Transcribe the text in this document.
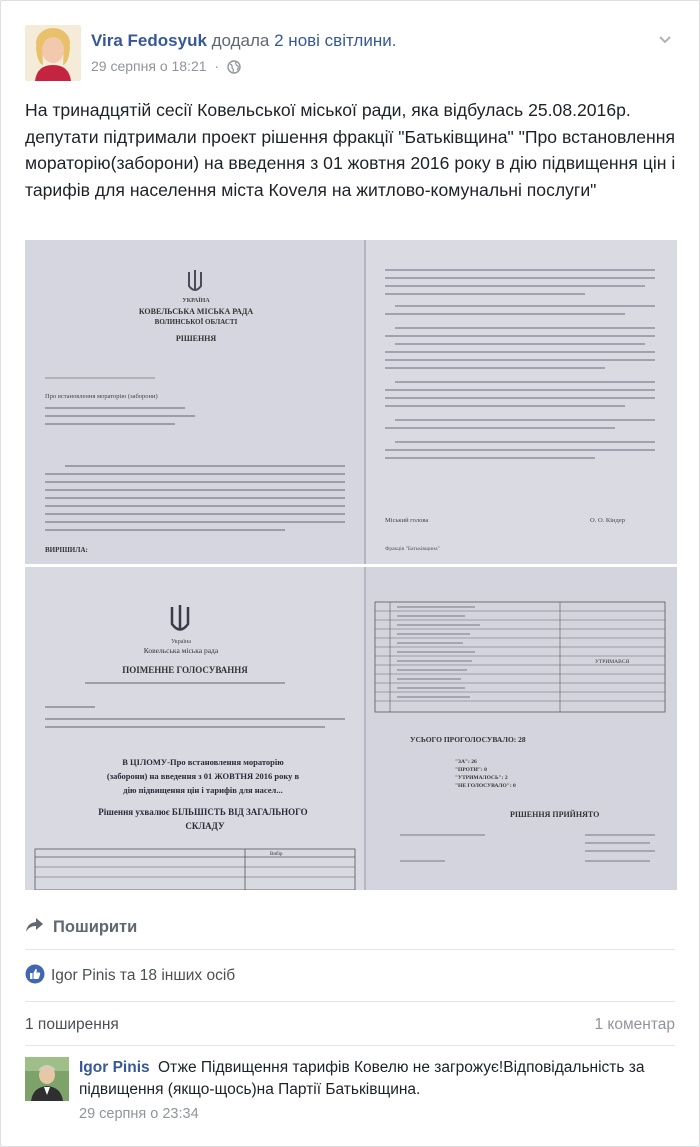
Vira Fedosyuk додала 2 нові світлини.
29 серпня о 18:21 ·
На тринадцятій сесії Ковельської міської ради, яка відбулась 25.08.2016р. депутати підтримали проект рішення фракції "Батьківщина" "Про встановлення мораторію(заборони) на введення з 01 жовтня 2016 року в дію підвищення цін і тарифів для населення міста Коveля на житлово-комунальні послуги"
УКРАЇНА
КОВЕЛЬСЬКА МІСЬКА РАДА
ВОЛИНСЬКОЇ ОБЛАСТІ
РІШЕННЯ
Про встановлення мораторію (заборони)
ВИРІШИЛА:
Міський голова	О. О. Кіндер
Фракція "Батьківщина"
Україна
Ковельська міська рада
ПОІМЕННЕ ГОЛОСУВАННЯ
В ЦІЛОМУ-Про встановлення мораторію
(заборони) на введення з 01 ЖОВТНЯ 2016 року в
дію підвищення цін і тарифів для насел...
Рішення ухвалює БІЛЬШІСТЬ ВІД ЗАГАЛЬНОГО
СКЛАДУ
Вибір
УТРИМАВСЯ
УСЬОГО ПРОГОЛОСУВАЛО: 28
"ЗА": 26
"ПРОТИ": 0
"УТРИМАЛОСЬ": 2
"НЕ ГОЛОСУВАЛО": 0
РІШЕННЯ ПРИЙНЯТО
Поширити
Igor Pinis та 18 інших осіб
1 поширення	1 коментар
Igor Pinis Отже Підвищення тарифів Ковелю не загрожує!Відповідальність за підвищення (якщо-щось)на Партії Батьківщина.
29 серпня о 23:34
